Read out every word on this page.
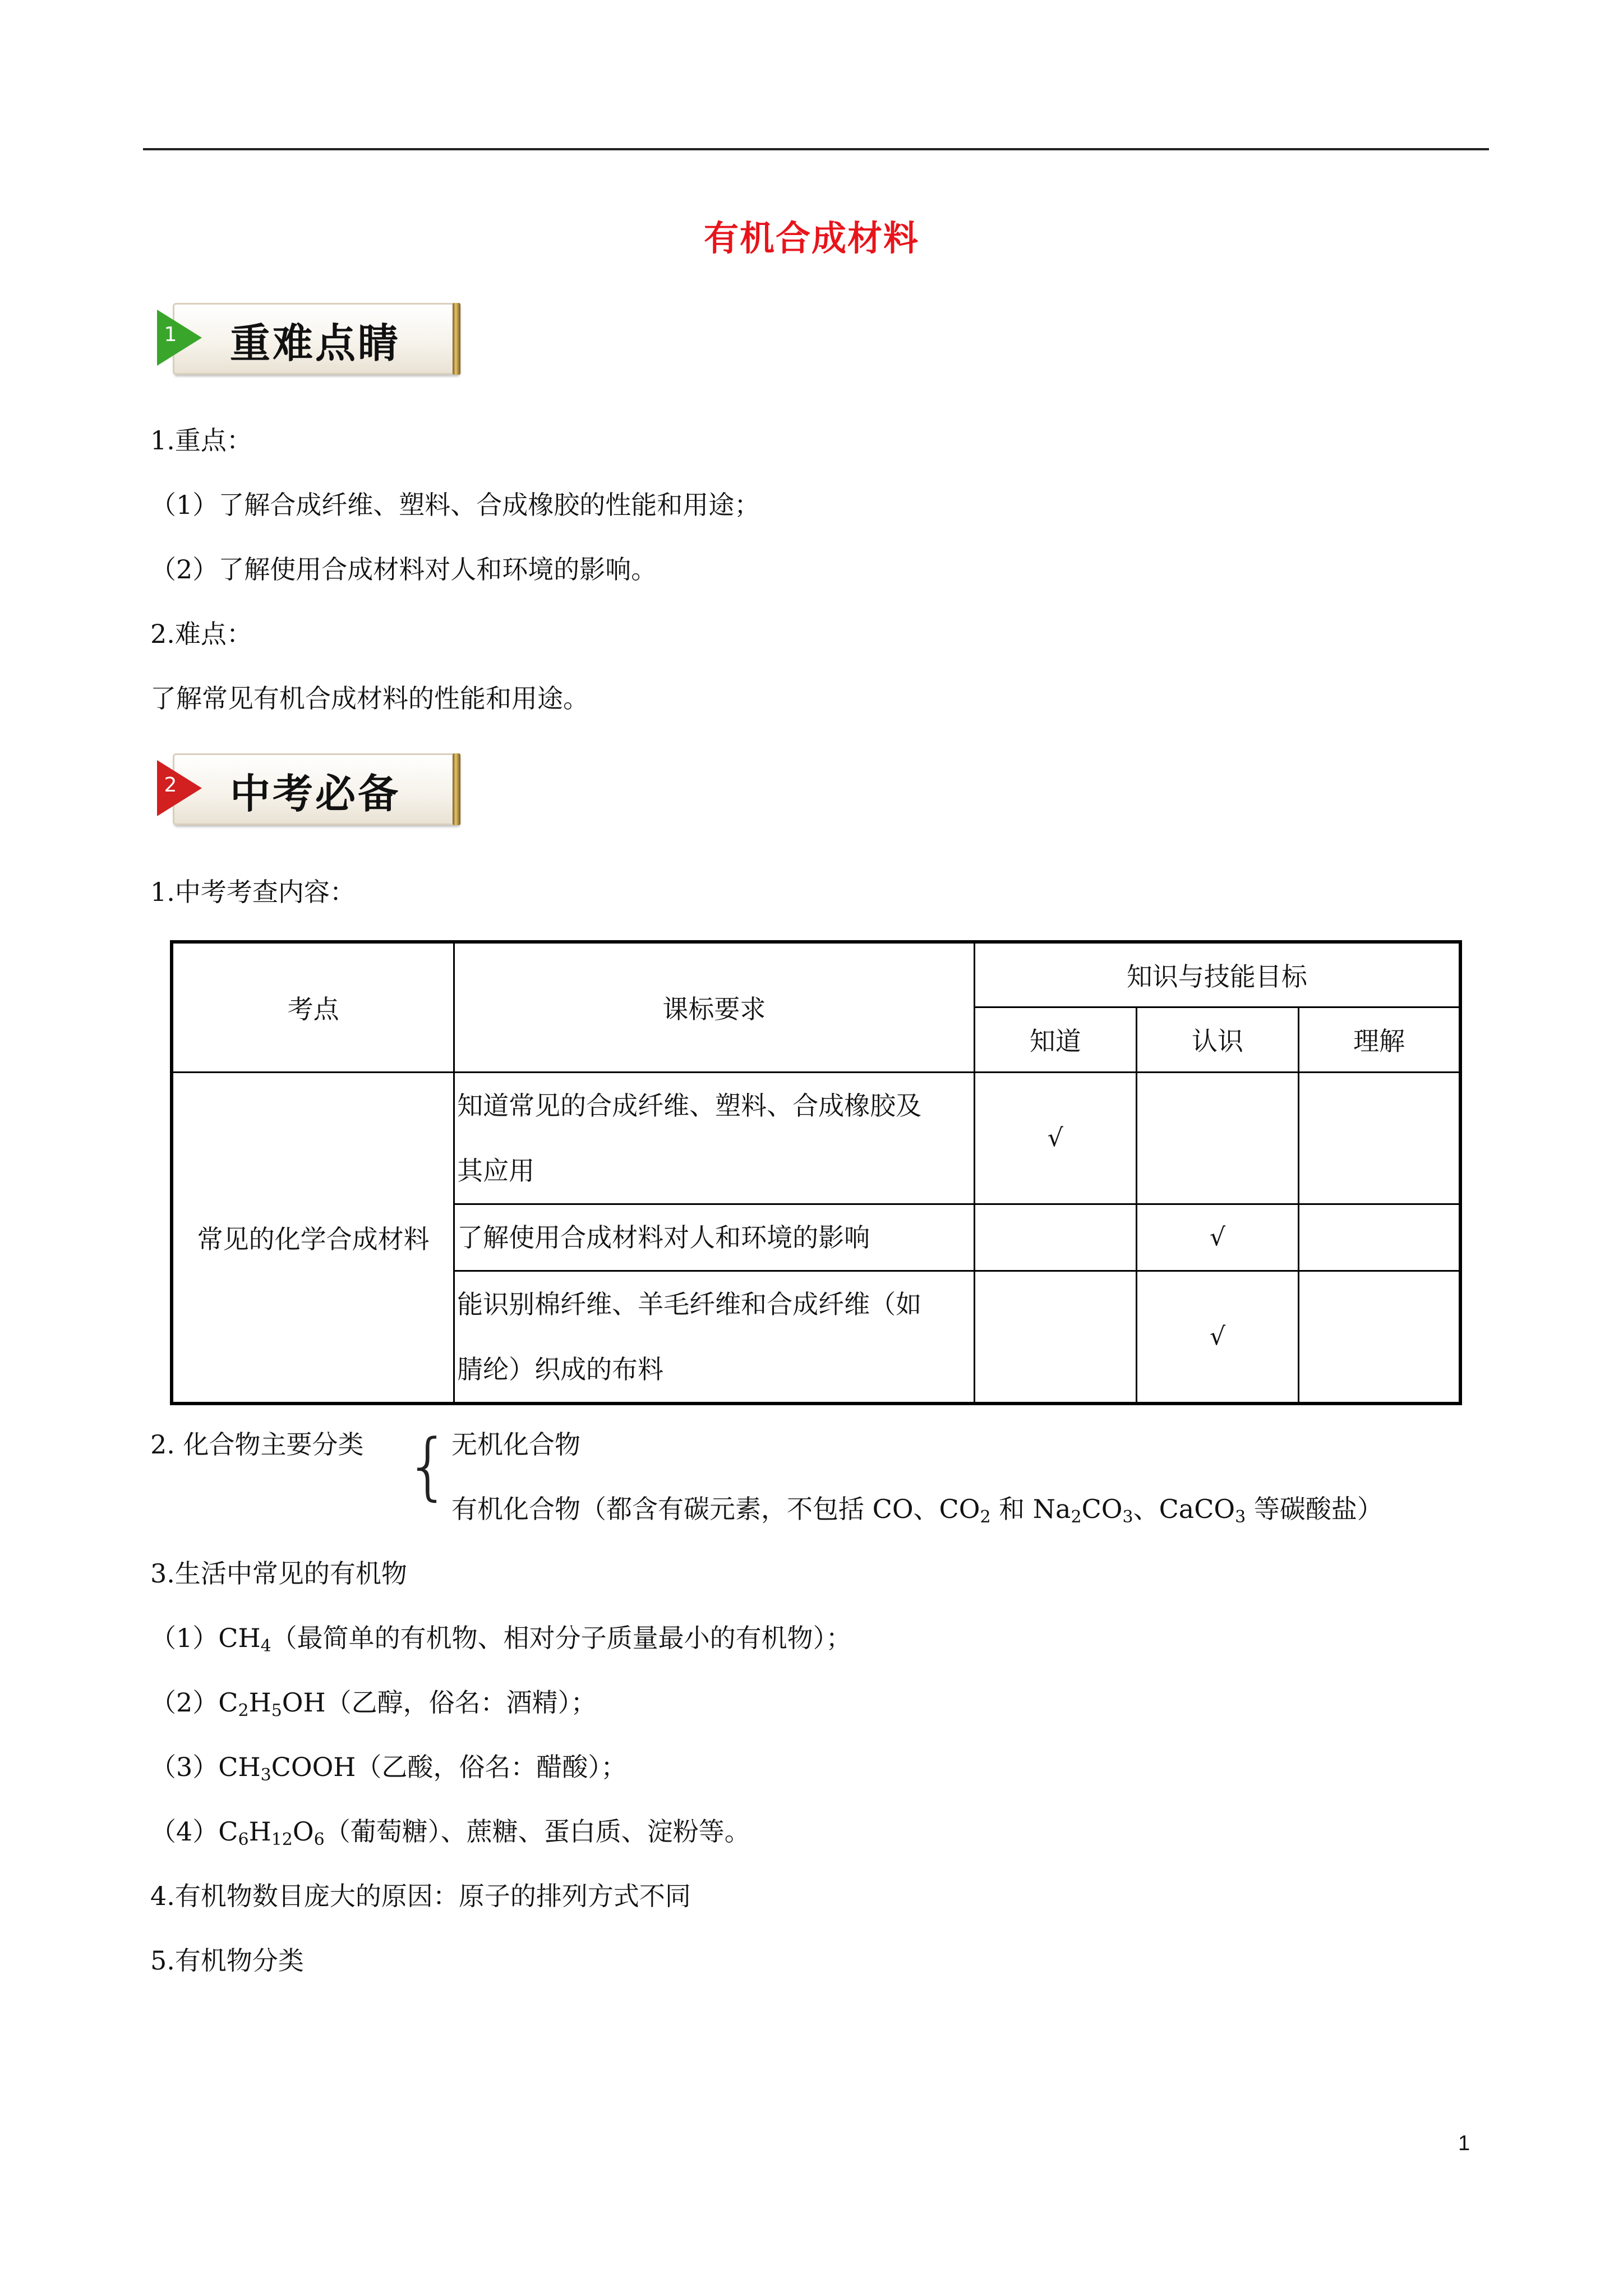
有机合成材料
1 重难点睛
1.重点：
（1）了解合成纤维、塑料、合成橡胶的性能和用途；
（2）了解使用合成材料对人和环境的影响。
2.难点：
了解常见有机合成材料的性能和用途。
2 中考必备
1.中考考查内容：
考点	课标要求	知识与技能目标		
		知道	认识	理解
常见的化学合成材料	知道常见的合成纤维、塑料、合成橡胶及
其应用	√		

	了解使用合成材料对人和环境的影响		√	

	能识别棉纤维、羊毛纤维和合成纤维（如
腈纶）织成的布料		√	
2. 化合物主要分类 { 无机化合物
有机化合物（都含有碳元素，不包括 CO、$CO_2$ 和 $Na_2CO_3$、CaCO$_3$ 等碳酸盐）
3.生活中常见的有机物
$(1)CH_4$（最简单的有机物、相对分子质量最小的有机物）；
$(2)C_2H_5OH$（乙醇，俗名：酒精）；
$(3)CH_3COOH$（乙酸，俗名：醋酸）；
$(4)C_6H_{12}O_6$（葡萄糖）、蔗糖、蛋白质、淀粉等。
4.有机物数目庞大的原因：原子的排列方式不同
5.有机物分类
1
